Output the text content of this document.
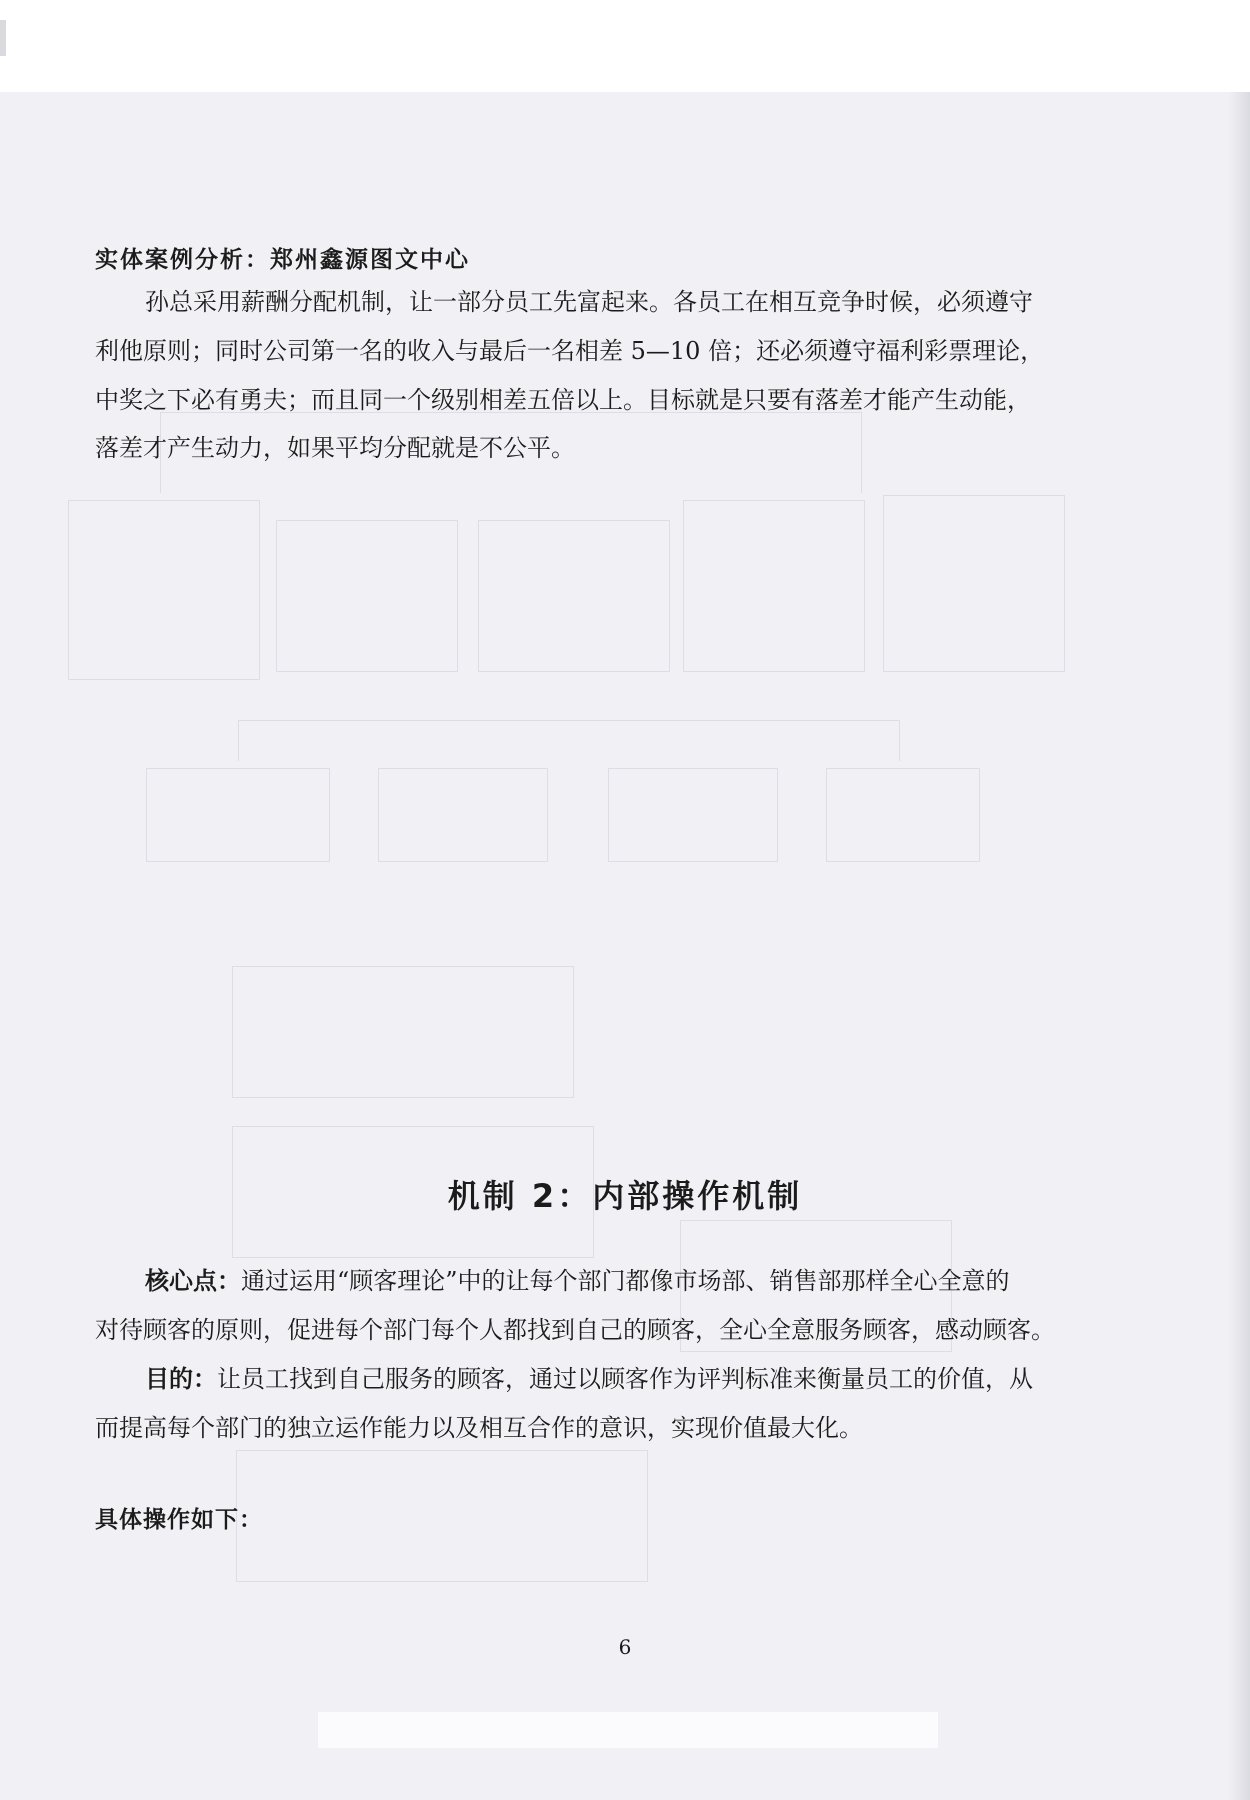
实体案例分析：郑州鑫源图文中心
孙总采用薪酬分配机制，让一部分员工先富起来。各员工在相互竞争时候，必须遵守
利他原则；同时公司第一名的收入与最后一名相差 5—10 倍；还必须遵守福利彩票理论，
中奖之下必有勇夫；而且同一个级别相差五倍以上。目标就是只要有落差才能产生动能，
落差才产生动力，如果平均分配就是不公平。
机制 2：内部操作机制
核心点：通过运用“顾客理论”中的让每个部门都像市场部、销售部那样全心全意的
对待顾客的原则，促进每个部门每个人都找到自己的顾客，全心全意服务顾客，感动顾客。
目的：让员工找到自己服务的顾客，通过以顾客作为评判标准来衡量员工的价值，从
而提高每个部门的独立运作能力以及相互合作的意识，实现价值最大化。
具体操作如下：
6
